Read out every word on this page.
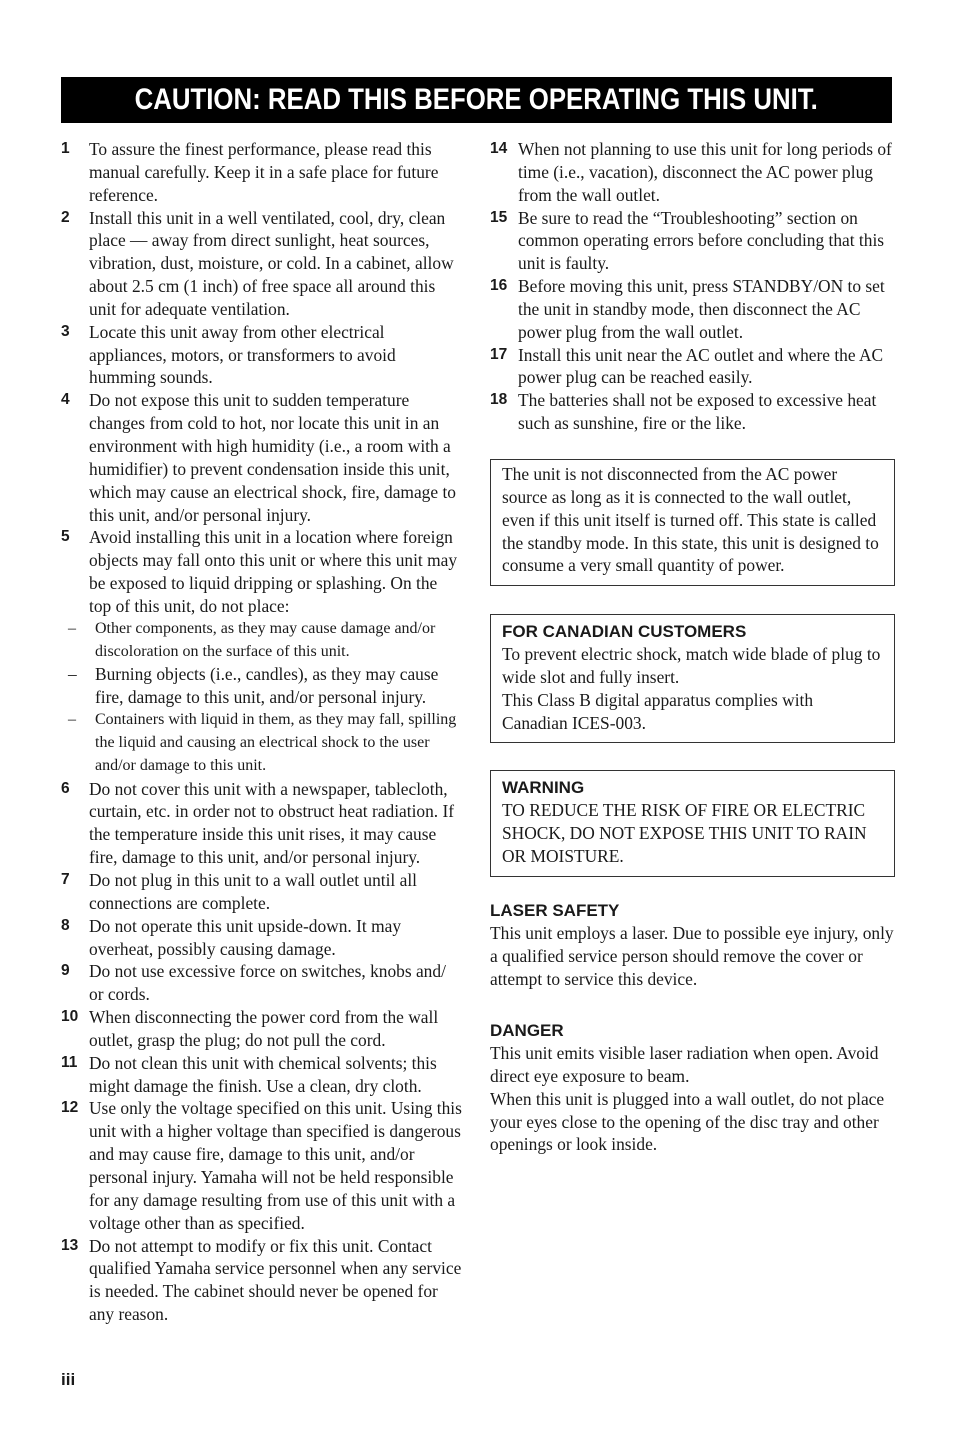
CAUTION: READ THIS BEFORE OPERATING THIS UNIT.
1 To assure the finest performance, please read this manual carefully. Keep it in a safe place for future reference.
2 Install this unit in a well ventilated, cool, dry, clean place — away from direct sunlight, heat sources, vibration, dust, moisture, or cold. In a cabinet, allow about 2.5 cm (1 inch) of free space all around this unit for adequate ventilation.
3 Locate this unit away from other electrical appliances, motors, or transformers to avoid humming sounds.
4 Do not expose this unit to sudden temperature changes from cold to hot, nor locate this unit in an environment with high humidity (i.e., a room with a humidifier) to prevent condensation inside this unit, which may cause an electrical shock, fire, damage to this unit, and/or personal injury.
5 Avoid installing this unit in a location where foreign objects may fall onto this unit or where this unit may be exposed to liquid dripping or splashing. On the top of this unit, do not place:
– Other components, as they may cause damage and/or discoloration on the surface of this unit.
– Burning objects (i.e., candles), as they may cause fire, damage to this unit, and/or personal injury.
– Containers with liquid in them, as they may fall, spilling the liquid and causing an electrical shock to the user and/or damage to this unit.
6 Do not cover this unit with a newspaper, tablecloth, curtain, etc. in order not to obstruct heat radiation. If the temperature inside this unit rises, it may cause fire, damage to this unit, and/or personal injury.
7 Do not plug in this unit to a wall outlet until all connections are complete.
8 Do not operate this unit upside-down. It may overheat, possibly causing damage.
9 Do not use excessive force on switches, knobs and/ or cords.
10 When disconnecting the power cord from the wall outlet, grasp the plug; do not pull the cord.
11 Do not clean this unit with chemical solvents; this might damage the finish. Use a clean, dry cloth.
12 Use only the voltage specified on this unit. Using this unit with a higher voltage than specified is dangerous and may cause fire, damage to this unit, and/or personal injury. Yamaha will not be held responsible for any damage resulting from use of this unit with a voltage other than as specified.
13 Do not attempt to modify or fix this unit. Contact qualified Yamaha service personnel when any service is needed. The cabinet should never be opened for any reason.
14 When not planning to use this unit for long periods of time (i.e., vacation), disconnect the AC power plug from the wall outlet.
15 Be sure to read the “Troubleshooting” section on common operating errors before concluding that this unit is faulty.
16 Before moving this unit, press STANDBY/ON to set the unit in standby mode, then disconnect the AC power plug from the wall outlet.
17 Install this unit near the AC outlet and where the AC power plug can be reached easily.
18 The batteries shall not be exposed to excessive heat such as sunshine, fire or the like.
The unit is not disconnected from the AC power source as long as it is connected to the wall outlet, even if this unit itself is turned off. This state is called the standby mode. In this state, this unit is designed to consume a very small quantity of power.
FOR CANADIAN CUSTOMERS
To prevent electric shock, match wide blade of plug to wide slot and fully insert.
This Class B digital apparatus complies with Canadian ICES-003.
WARNING
TO REDUCE THE RISK OF FIRE OR ELECTRIC SHOCK, DO NOT EXPOSE THIS UNIT TO RAIN OR MOISTURE.
LASER SAFETY
This unit employs a laser. Due to possible eye injury, only a qualified service person should remove the cover or attempt to service this device.
DANGER
This unit emits visible laser radiation when open. Avoid direct eye exposure to beam.
When this unit is plugged into a wall outlet, do not place your eyes close to the opening of the disc tray and other openings or look inside.
iii
